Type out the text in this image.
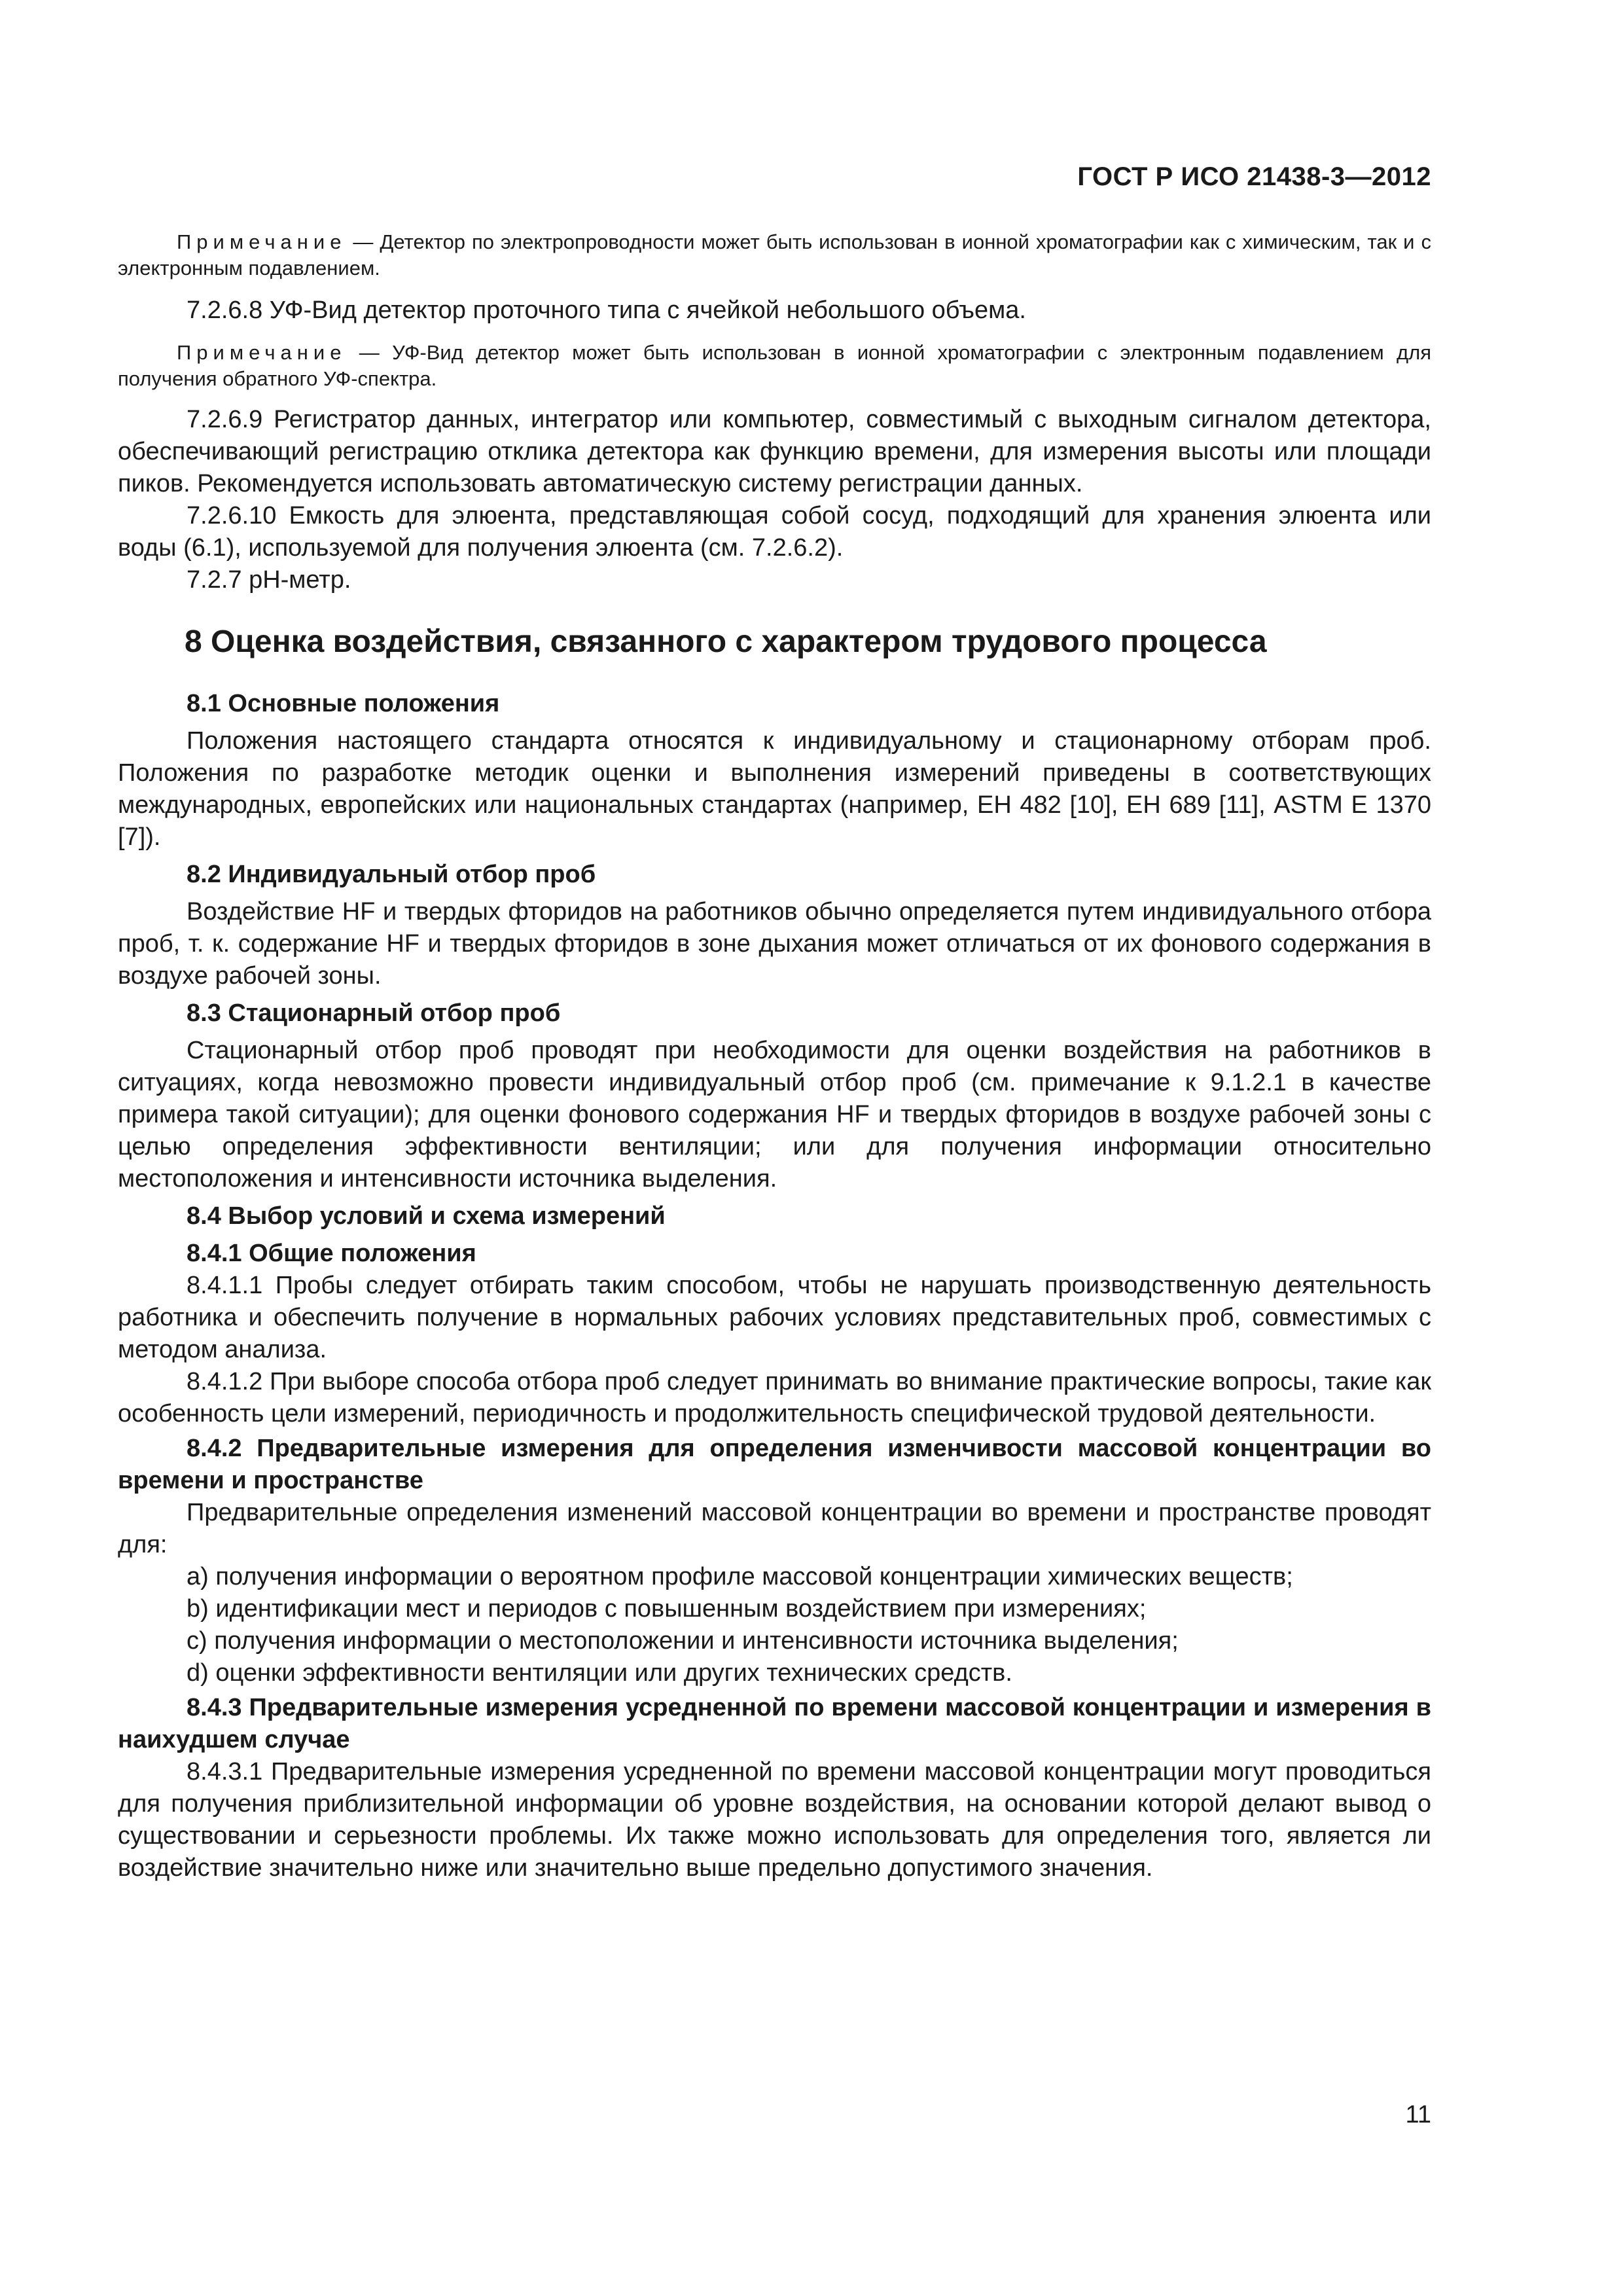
ГОСТ Р ИСО 21438-3—2012

Примечание — Детектор по электропроводности может быть использован в ионной хроматографии как с химическим, так и с электронным подавлением.

7.2.6.8 УФ-Вид детектор проточного типа с ячейкой небольшого объема.

Примечание — УФ-Вид детектор может быть использован в ионной хроматографии с электронным подавлением для получения обратного УФ-спектра.

7.2.6.9 Регистратор данных, интегратор или компьютер, совместимый с выходным сигналом детектора, обеспечивающий регистрацию отклика детектора как функцию времени, для измерения высоты или площади пиков. Рекомендуется использовать автоматическую систему регистрации данных.

7.2.6.10 Емкость для элюента, представляющая собой сосуд, подходящий для хранения элюента или воды (6.1), используемой для получения элюента (см. 7.2.6.2).

7.2.7 pH-метр.

8 Оценка воздействия, связанного с характером трудового процесса

8.1 Основные положения

Положения настоящего стандарта относятся к индивидуальному и стационарному отборам проб. Положения по разработке методик оценки и выполнения измерений приведены в соответствующих международных, европейских или национальных стандартах (например, ЕН 482 [10], ЕН 689 [11], ASTM E 1370 [7]).

8.2 Индивидуальный отбор проб

Воздействие HF и твердых фторидов на работников обычно определяется путем индивидуального отбора проб, т. к. содержание HF и твердых фторидов в зоне дыхания может отличаться от их фонового содержания в воздухе рабочей зоны.

8.3 Стационарный отбор проб

Стационарный отбор проб проводят при необходимости для оценки воздействия на работников в ситуациях, когда невозможно провести индивидуальный отбор проб (см. примечание к 9.1.2.1 в качестве примера такой ситуации); для оценки фонового содержания HF и твердых фторидов в воздухе рабочей зоны с целью определения эффективности вентиляции; или для получения информации относительно местоположения и интенсивности источника выделения.

8.4 Выбор условий и схема измерений

8.4.1 Общие положения

8.4.1.1 Пробы следует отбирать таким способом, чтобы не нарушать производственную деятельность работника и обеспечить получение в нормальных рабочих условиях представительных проб, совместимых с методом анализа.

8.4.1.2 При выборе способа отбора проб следует принимать во внимание практические вопросы, такие как особенность цели измерений, периодичность и продолжительность специфической трудовой деятельности.

8.4.2 Предварительные измерения для определения изменчивости массовой концентрации во времени и пространстве

Предварительные определения изменений массовой концентрации во времени и пространстве проводят для:

a) получения информации о вероятном профиле массовой концентрации химических веществ;

b) идентификации мест и периодов с повышенным воздействием при измерениях;

c) получения информации о местоположении и интенсивности источника выделения;

d) оценки эффективности вентиляции или других технических средств.

8.4.3 Предварительные измерения усредненной по времени массовой концентрации и измерения в наихудшем случае

8.4.3.1 Предварительные измерения усредненной по времени массовой концентрации могут проводиться для получения приблизительной информации об уровне воздействия, на основании которой делают вывод о существовании и серьезности проблемы. Их также можно использовать для определения того, является ли воздействие значительно ниже или значительно выше предельно допустимого значения.

11
